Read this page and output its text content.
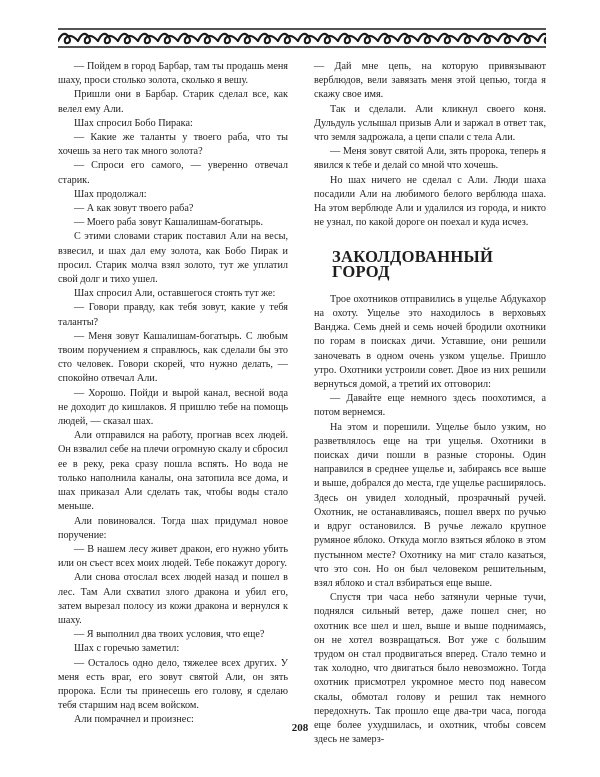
— Пойдем в город Барбар, там ты продашь меня шаху, проси столько золота, сколько я вешу.

Пришли они в Барбар. Старик сделал все, как велел ему Али.

Шах спросил Бобо Пирака:

— Какие же таланты у твоего раба, что ты хочешь за него так много золота?

— Спроси его самого, — уверенно отвечал старик.

Шах продолжал:

— А как зовут твоего раба?

— Моего раба зовут Кашалишам-богатырь.

С этими словами старик поставил Али на весы, взвесил, и шах дал ему золота, как Бобо Пирак и просил. Старик молча взял золото, тут же уплатил свой долг и тихо ушел.

Шах спросил Али, оставшегося стоять тут же:

— Говори правду, как тебя зовут, какие у тебя таланты?

— Меня зовут Кашалишам-богатырь. С любым твоим поручением я справлюсь, как сделали бы это сто человек. Говори скорей, что нужно делать, — спокойно отвечал Али.

— Хорошо. Пойди и вырой канал, весной вода не доходит до кишлаков. Я пришлю тебе на помощь людей, — сказал шах.

Али отправился на работу, прогнав всех людей. Он взвалил себе на плечи огромную скалу и сбросил ее в реку, река сразу пошла вспять. Но вода не только наполнила каналы, она затопила все дома, и шах приказал Али сделать так, чтобы воды стало меньше.

Али повиновался. Тогда шах придумал новое поручение:

— В нашем лесу живет дракон, его нужно убить или он съест всех моих людей. Тебе покажут дорогу.

Али снова отослал всех людей назад и пошел в лес. Там Али схватил злого дракона и убил его, затем вырезал полосу из кожи дракона и вернулся к шаху.

— Я выполнил два твоих условия, что еще?

Шах с горечью заметил:

— Осталось одно дело, тяжелее всех других. У меня есть враг, его зовут святой Али, он зять пророка. Если ты принесешь его голову, я сделаю тебя старшим над всем войском.

Али помрачнел и произнес:

— Дай мне цепь, на которую привязывают верблюдов, вели завязать меня этой цепью, тогда я скажу свое имя.

Так и сделали. Али кликнул своего коня. Дульдуль услышал призыв Али и заржал в ответ так, что земля задрожала, а цепи спали с тела Али.

— Меня зовут святой Али, зять пророка, теперь я явился к тебе и делай со мной что хочешь.

Но шах ничего не сделал с Али. Люди шаха посадили Али на любимого белого верблюда шаха. На этом верблюде Али и удалился из города, и никто не узнал, по какой дороге он поехал и куда исчез.

ЗАКОЛДОВАННЫЙ ГОРОД

Трое охотников отправились в ущелье Абдукахор на охоту. Ущелье это находилось в верховьях Ванджа. Семь дней и семь ночей бродили охотники по горам в поисках дичи. Уставшие, они решили заночевать в одном очень узком ущелье. Пришло утро. Охотники устроили совет. Двое из них решили вернуться домой, а третий их отговорил:

— Давайте еще немного здесь поохотимся, а потом вернемся.

На этом и порешили. Ущелье было узким, но разветвлялось еще на три ущелья. Охотники в поисках дичи пошли в разные стороны. Один направился в среднее ущелье и, забираясь все выше и выше, добрался до места, где ущелье расширялось. Здесь он увидел холодный, прозрачный ручей. Охотник, не останавливаясь, пошел вверх по ручью и вдруг остановился. В ручье лежало крупное румяное яблоко. Откуда могло взяться яблоко в этом пустынном месте? Охотнику на миг стало казаться, что это сон. Но он был человеком решительным, взял яблоко и стал взбираться еще выше.

Спустя три часа небо затянули черные тучи, поднялся сильный ветер, даже пошел снег, но охотник все шел и шел, выше и выше поднимаясь, он не хотел возвращаться. Вот уже с большим трудом он стал продвигаться вперед. Стало темно и так холодно, что двигаться было невозможно. Тогда охотник присмотрел укромное место под навесом скалы, обмотал голову и решил так немного передохнуть. Так прошло еще два-три часа, погода еще более ухудшилась, и охотник, чтобы совсем здесь не замерз-

208
